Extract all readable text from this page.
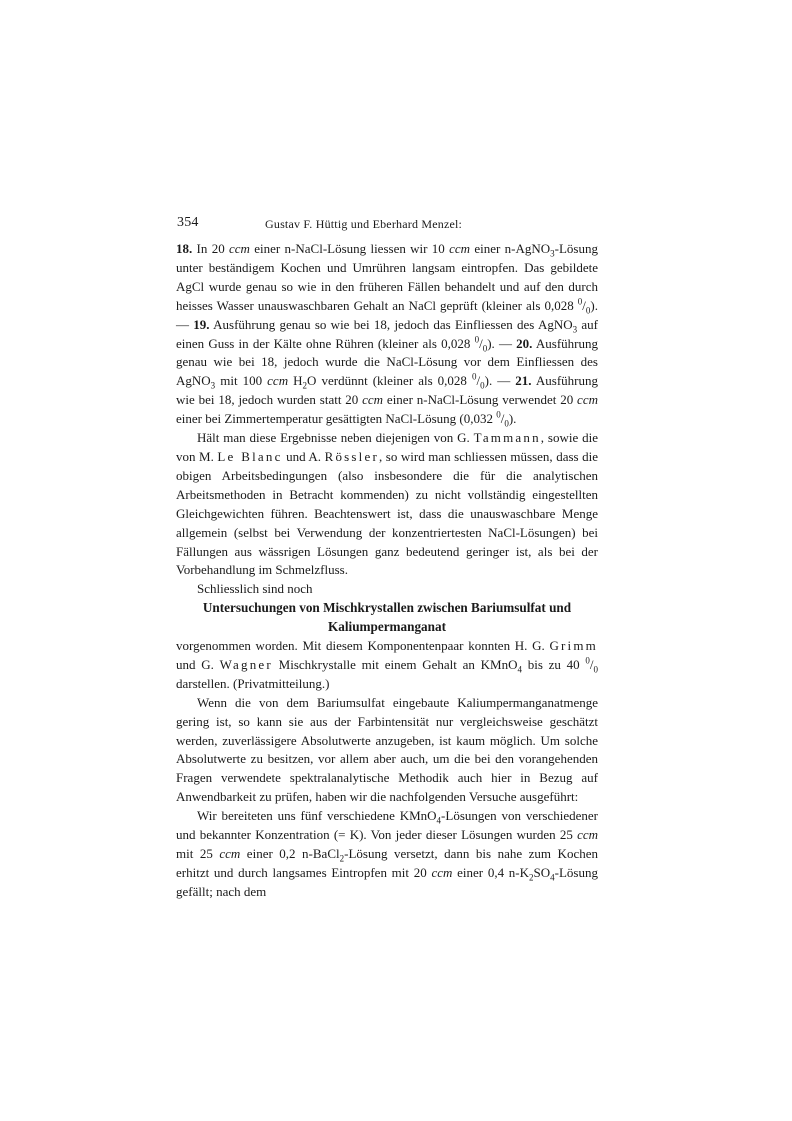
354	Gustav F. Hüttig und Eberhard Menzel:

18. In 20 ccm einer n-NaCl-Lösung liessen wir 10 ccm einer n-AgNO$_3$-Lösung unter beständigem Kochen und Umrühren langsam eintropfen. Das gebildete AgCl wurde genau so wie in den früheren Fällen behandelt und auf den durch heisses Wasser unauswaschbaren Gehalt an NaCl geprüft (kleiner als 0,028 $^0/_0$). — 19. Ausführung genau so wie bei 18, jedoch das Einfliessen des AgNO$_3$ auf einen Guss in der Kälte ohne Rühren (kleiner als 0,028 $^0/_0$). — 20. Ausführung genau wie bei 18, jedoch wurde die NaCl-Lösung vor dem Einfliessen des AgNO$_3$ mit 100 ccm $H_2O$ verdünnt (kleiner als 0,028 $^0/_0$). — 21. Ausführung wie bei 18, jedoch wurden statt 20 ccm einer n-NaCl-Lösung verwendet 20 ccm einer bei Zimmertemperatur gesättigten NaCl-Lösung (0,032 $^0/_0$).

Hält man diese Ergebnisse neben diejenigen von G. Tammann, sowie die von M. Le Blanc und A. Rössler, so wird man schliessen müssen, dass die obigen Arbeitsbedingungen (also insbesondere die für die analytischen Arbeitsmethoden in Betracht kommenden) zu nicht vollständig eingestellten Gleichgewichten führen. Beachtenswert ist, dass die unauswaschbare Menge allgemein (selbst bei Verwendung der konzentriertesten NaCl-Lösungen) bei Fällungen aus wässrigen Lösungen ganz bedeutend geringer ist, als bei der Vorbehandlung im Schmelzfluss.

Schliesslich sind noch

Untersuchungen von Mischkrystallen zwischen Bariumsulfat und Kaliumpermanganat

vorgenommen worden. Mit diesem Komponentenpaar konnten H. G. Grimm und G. Wagner Mischkrystalle mit einem Gehalt an KMnO$_4$ bis zu 40 $^0/_0$ darstellen. (Privatmitteilung.)

Wenn die von dem Bariumsulfat eingebaute Kaliumpermanganatmenge gering ist, so kann sie aus der Farbintensität nur vergleichsweise geschätzt werden, zuverlässigere Absolutwerte anzugeben, ist kaum möglich. Um solche Absolutwerte zu besitzen, vor allem aber auch, um die bei den vorangehenden Fragen verwendete spektralanalytische Methodik auch hier in Bezug auf Anwendbarkeit zu prüfen, haben wir die nachfolgenden Versuche ausgeführt:

Wir bereiteten uns fünf verschiedene KMnO$_4$-Lösungen von verschiedener und bekannter Konzentration (= K). Von jeder dieser Lösungen wurden 25 ccm mit 25 ccm einer 0,2 n-BaCl$_2$-Lösung versetzt, dann bis nahe zum Kochen erhitzt und durch langsames Eintropfen mit 20 ccm einer 0,4 $n-K_2SO_4$-Lösung gefällt; nach dem
